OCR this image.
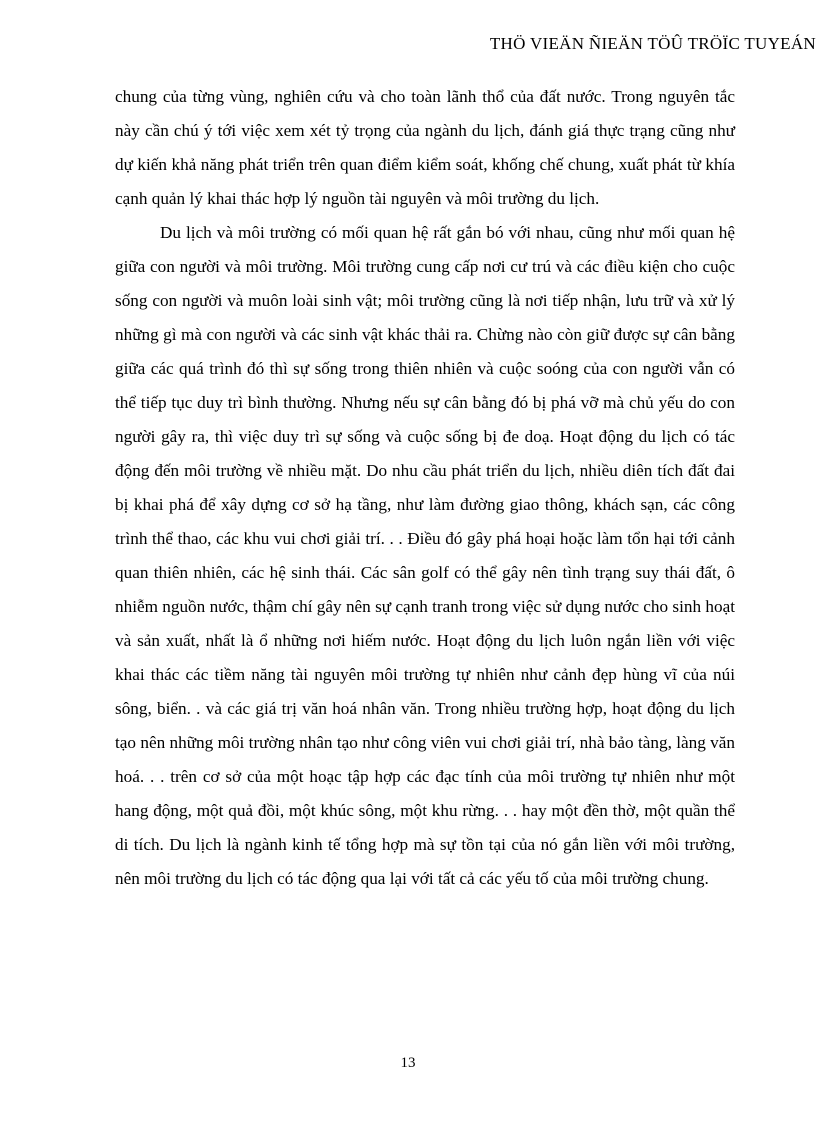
THÖ VIEÄN ÑIEÄN TÖÛ TRÖÏC TUYEÁN

chung của từng vùng, nghiên cứu và cho toàn lãnh thổ của đất nước. Trong nguyên tắc này cần chú ý tới việc xem xét tỷ trọng của ngành du lịch, đánh giá thực trạng cũng như dự kiến khả năng phát triển trên quan điểm kiểm soát, khống chế chung, xuất phát từ khía cạnh quản lý khai thác hợp lý nguồn tài nguyên và môi trường du lịch.

Du lịch và môi trường có mối quan hệ rất gắn bó với nhau, cũng như mối quan hệ giữa con người và môi trường. Môi trường cung cấp nơi cư trú và các điều kiện cho cuộc sống con người và muôn loài sinh vật; môi trường cũng là nơi tiếp nhận, lưu trữ và xử lý những gì mà con người và các sinh vật khác thải ra. Chừng nào còn giữ được sự cân bằng giữa các quá trình đó thì sự sống trong thiên nhiên và cuộc soóng của con người vẫn có thể tiếp tục duy trì bình thường. Nhưng nếu sự cân bằng đó bị phá vỡ mà chủ yếu do con người gây ra, thì việc duy trì sự sống và cuộc sống bị đe doạ. Hoạt động du lịch có tác động đến môi trường về nhiều mặt. Do nhu cầu phát triển du lịch, nhiều diên tích đất đai bị khai phá để xây dựng cơ sở hạ tầng, như làm đường giao thông, khách sạn, các công trình thể thao, các khu vui chơi giải trí. . . Điều đó gây phá hoại hoặc làm tổn hại tới cảnh quan thiên nhiên, các hệ sinh thái. Các sân golf có thể gây nên tình trạng suy thái đất, ô nhiễm nguồn nước, thậm chí gây nên sự cạnh tranh trong việc sử dụng nước cho sinh hoạt và sản xuất, nhất là ổ những nơi hiếm nước. Hoạt động du lịch luôn ngắn liền với việc khai thác các tiềm năng tài nguyên môi trường tự nhiên như cảnh đẹp hùng vĩ của núi sông, biển. . và các giá trị văn hoá nhân văn. Trong nhiều trường hợp, hoạt động du lịch tạo nên những môi trường nhân tạo như công viên vui chơi giải trí, nhà bảo tàng, làng văn hoá. . . trên cơ sở của một hoạc tập hợp các đạc tính của môi trường tự nhiên như một hang động, một quả đồi, một khúc sông, một khu rừng. . . hay một đền thờ, một quần thể di tích. Du lịch là ngành kinh tế tổng hợp mà sự tồn tại của nó gắn liền với môi trường, nên môi trường du lịch có tác động qua lại với tất cả các yếu tố của môi trường chung.

13
